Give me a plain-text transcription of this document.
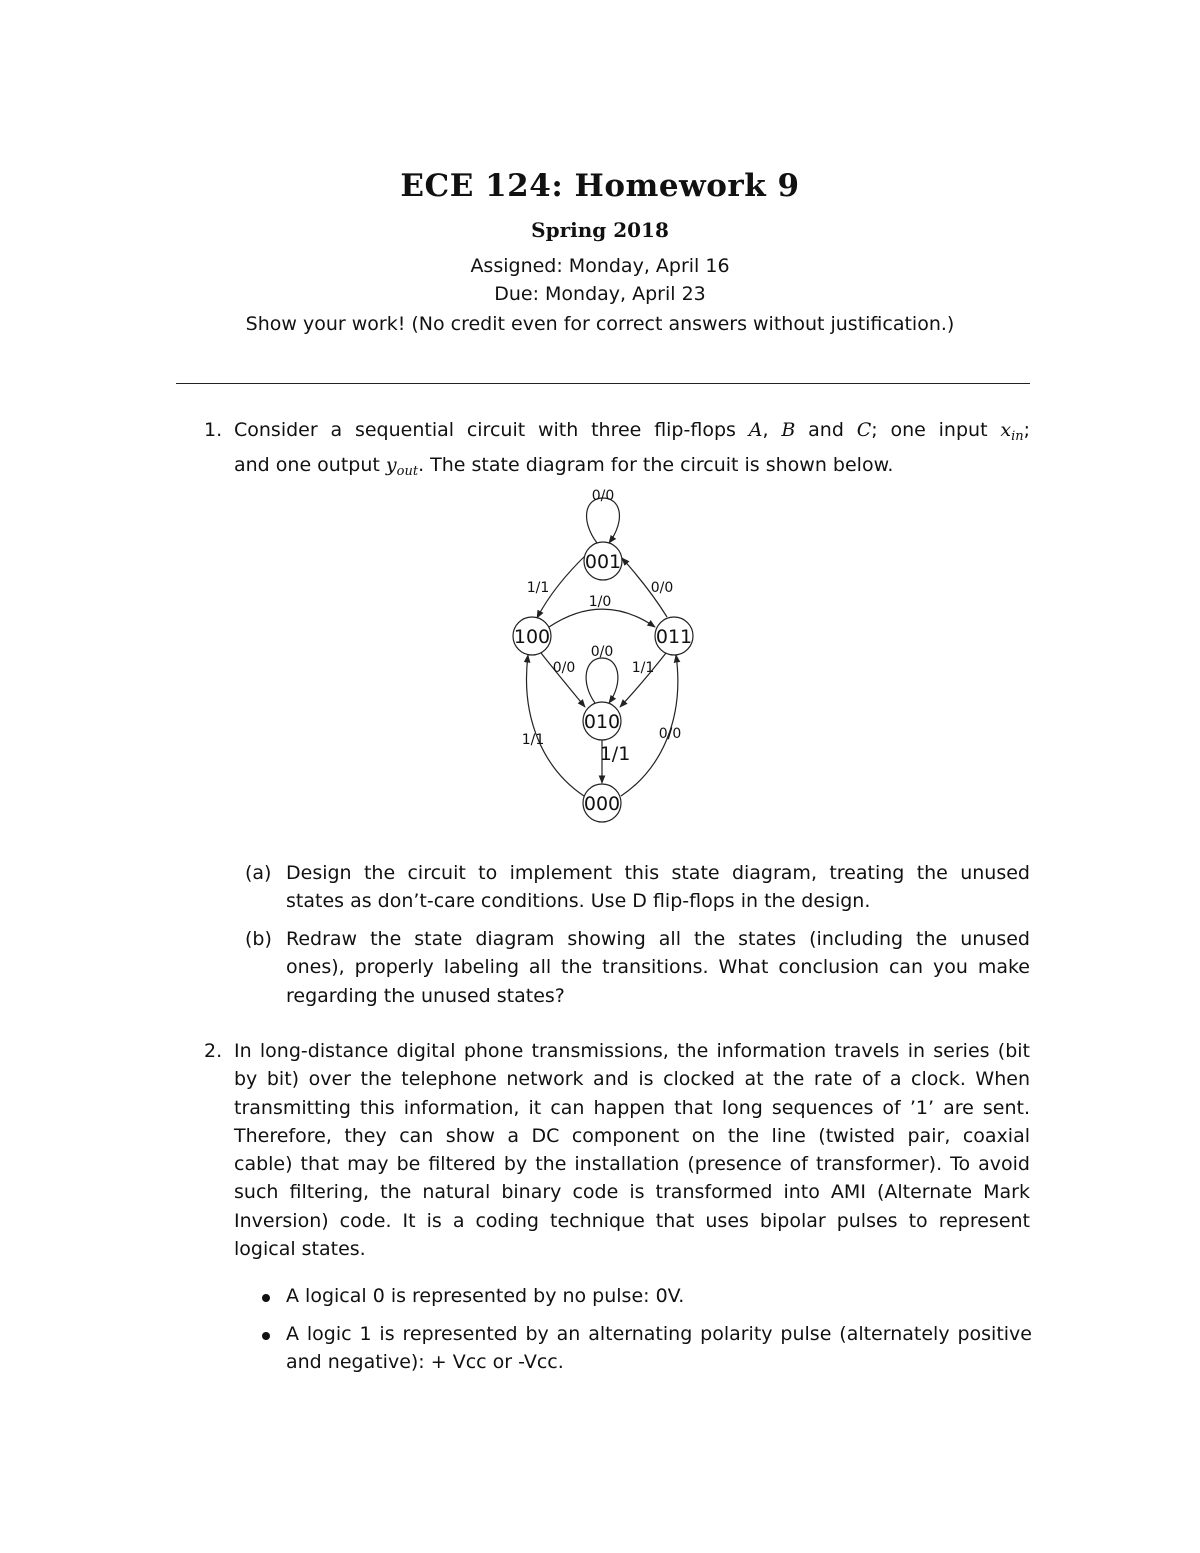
ECE 124: Homework 9
Spring 2018
Assigned: Monday, April 16
Due: Monday, April 23
Show your work! (No credit even for correct answers without justification.)
1. Consider a sequential circuit with three flip-flops A, B and C; one input $x_{in}$;
and one output $y_{out}$. The state diagram for the circuit is shown below.
001
100	011
010
000
0/0
1/1	0/0
1/0
0/0
0/0	1/1
1/1	0/0
1/1
(a) Design the circuit to implement this state diagram, treating the unused
states as don’t-care conditions. Use D flip-flops in the design.
(b) Redraw the state diagram showing all the states (including the unused
ones), properly labeling all the transitions. What conclusion can you make
regarding the unused states?
2. In long-distance digital phone transmissions, the information travels in series (bit
by bit) over the telephone network and is clocked at the rate of a clock. When
transmitting this information, it can happen that long sequences of ’1’ are sent.
Therefore, they can show a DC component on the line (twisted pair, coaxial
cable) that may be filtered by the installation (presence of transformer). To avoid
such filtering, the natural binary code is transformed into AMI (Alternate Mark
Inversion) code. It is a coding technique that uses bipolar pulses to represent
logical states.
A logical 0 is represented by no pulse: 0V.
A logic 1 is represented by an alternating polarity pulse (alternately positive
and negative): + Vcc or -Vcc.
